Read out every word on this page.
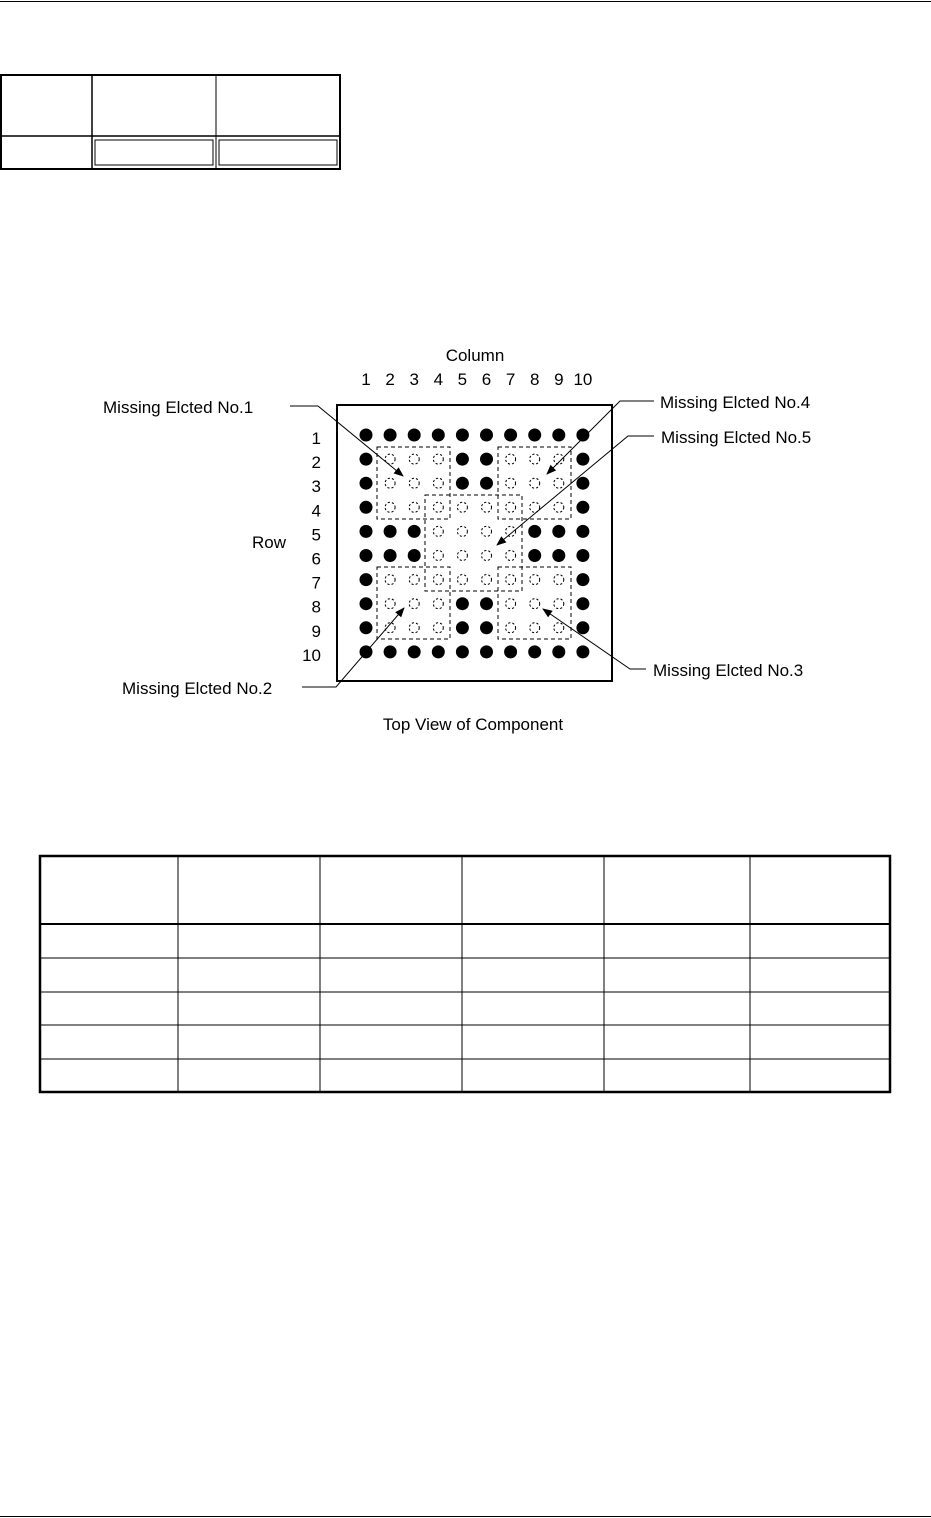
Column
1 2 3 4 5 6 7 8 9 10
1
2
3
4
5
6
7
8
9
10
Row
Missing Elcted No.1	Missing Elcted No.4
Missing Elcted No.5
Missing Elcted No.2
Missing Elcted No.3
Top View of Component
